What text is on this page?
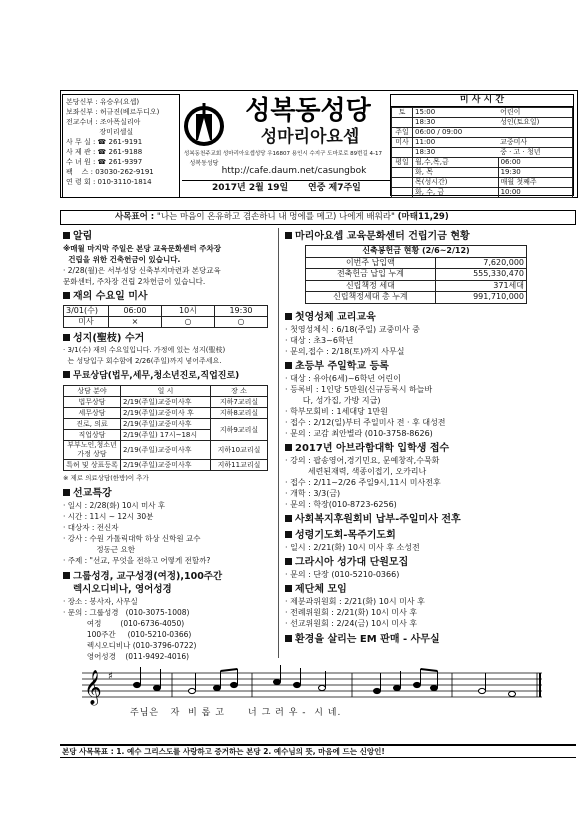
본당신부 : 유승우(요셉)
보좌신부 : 허규진(베르두디오)
전교수녀 : 조아폭실리아
장미리셀실
사 무 실 : ☎ 261-9191
사 제 관 : ☎ 261-9188
수 녀 원 : ☎ 261-9397
팩    스 : 03030-262-9191
연 령 회 : 010-3110-1814
성복동성당
성복동성당
성마리아요셉
성복동천주교회 성마리아요셉성당 우16807 용인시 수지구 도마로로 89번길 4-17
http://cafe.daum.net/casungbok
2017년 2월 19일 연중 제7주일
미 사 시 간
토	15:00	어린이
	18:30	성인(토요일)
주일	06:00 / 09:00	
미사	11:00	교중미사
	18:30	중 · 고 · 청년
평일	월,수,목,금	06:00
	화, 목	19:30
	목(성시간)	매월 첫째주
	화, 수, 금	10:00
사목표어 : "나는 마음이 온유하고 겸손하니 내 멍에를 메고) 나에게 배워라" (마태11,29)
알림
※매월 마지막 주일은 본당 교육문화센터 주차장
건립을 위한 건축헌금이 있습니다.
· 2/28(월)은 서부성당 신축부지마련과 본당교육
문화센터, 주차장 건립 2차헌금이 있습니다.
재의 수요일 미사
3/01(수)	06:00	10시	19:30
미사	×	○	○
성지(聖枝) 수거
· 3/1(수) 재의 수요일입니다. 가정에 있는 성지(聖枝)
는 성당입구 회수함에 2/26(주일)까지 넣어주세요.
무료상담(법무,세무,청소년진로,직업진로)
상담 분야	일 시	장 소
법무상담	2/19(주일)교중미사후	지하7교리실
세무상담	2/19(주일)교중미사 후	지하8교리실
진로, 의료	2/19(주일)교중미사후	지하9교리실
직업상담	2/19(주일) 17시~18시	
부부노인,청소년 가정 상담	2/19(주일)교중미사후	지하10교리실
특허 및 상표등록	2/19(주일)교중미사후	지하11교리실
※ 제로 의료상담(한방)이 추가
선교특강
· 일시 : 2/28(화) 10시 미사 후
· 시간 : 11시 ~ 12시 30분
· 대상자 : 전신자
· 강사 : 수원 가톨릭대학 하상 신학원 교수
정동근 요한
· 주제 : "선교, 무엇을 전하고 어떻게 전할까?
그룹성경, 교구성경(여정),100주간
렉시오디비나, 영어성경
· 장소 : 봉사자, 사무실
· 문의 : 그룹성경   (010-3075-1008)
여정        (010-6736-4050)
100주간     (010-5210-0366)
렉시오디비나 (010-3796-0722)
영어성경    (011-9492-4016)
마리아요셉 교육문화센터 건립기금 현황
신축봉헌금 현황 (2/6~2/12)	
이번주 납입액	7,620,000
전축헌금 납입 누계	555,330,470
신립책정 세대	371세대
신립책정세대 총 누계	991,710,000
첫영성체 교리교육
· 첫영성체식 : 6/18(주일) 교중미사 중
· 대상 : 초3~6학년
· 문의,접수 : 2/18(토)까지 사무실
초등부 주일학교 등록
· 대상 : 유아(6세)~6학년 어린이
· 등록비 : 1인당 5만원(신규등록시 하늘바
다, 성가집, 가방 지급)
· 학부모회비 : 1세대당 1만원
· 접수 : 2/12(일)부터 주일미사 전 · 후 대성전
· 문의 : 교감 최안별라 (010-3758-8626)
2017년 아브라함대학 입학생 접수
· 강의 : 팝송영어,경기민요, 문예창작,수묵화
세련된재력, 색종이접기, 오카리나
· 접수 : 2/11~2/26 주일9시,11시 미사전후
· 개학 : 3/3(금)
· 문의 : 학장(010-8723-6256)
사회복지후원회비 납부-주일미사 전후
성령기도회-목주기도회
· 일시 : 2/21(화) 10시 미사 후 소성전
그라시아 성가대 단원모집
· 문의 : 단장 (010-5210-0366)
제단체 모임
· 제분과위원회 : 2/21(화) 10시 미사 후
· 전례위원회 : 2/21(화) 10시 미사 후
· 선교위원회 : 2/24(금) 10시 미사 후
환경을 살리는 EM 판매 - 사무실
𝄞 ♯
주님은   자  비 롭 고      너 그 러 우 -  시 네.
본당 사목목표 : 1. 예수 그리스도를 사랑하고 증거하는 본당 2. 예수님의 뜻, 마음에 드는 신앙인!
